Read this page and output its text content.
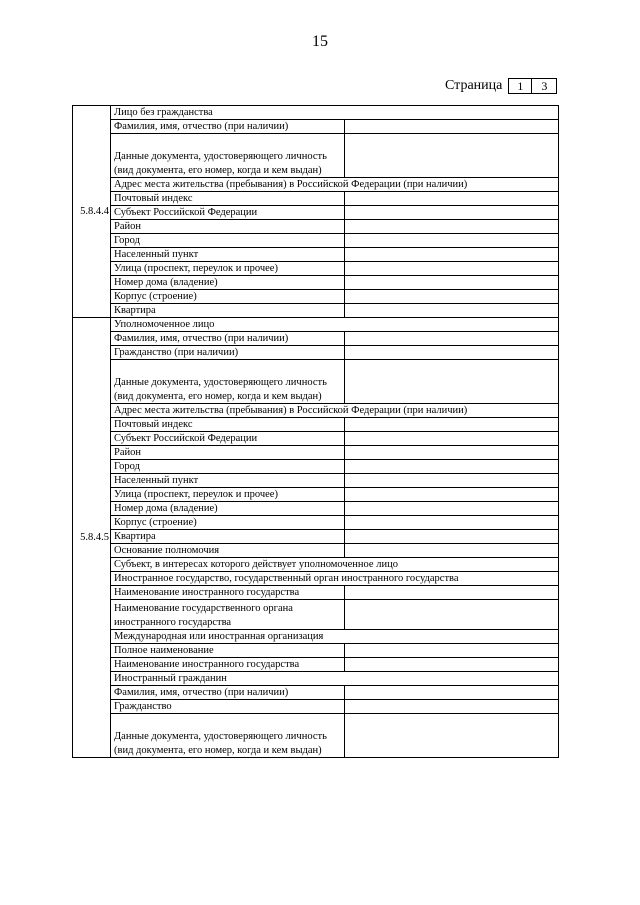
15
Страница	1	3
5.8.4.4	Лицо без гражданства	
	Фамилия, имя, отчество (при наличии)	
	Данные документа, удостоверяющего личность (вид документа, его номер, когда и кем выдан)	
	Адрес места жительства (пребывания) в Российской Федерации (при наличии)	
	Почтовый индекс	
	Субъект Российской Федерации	
	Район	
	Город	
	Населенный пункт	
	Улица (проспект, переулок и прочее)	
	Номер дома (владение)	
	Корпус (строение)	
	Квартира	
5.8.4.5	Уполномоченное лицо	
	Фамилия, имя, отчество (при наличии)	
	Гражданство (при наличии)	
	Данные документа, удостоверяющего личность (вид документа, его номер, когда и кем выдан)	
	Адрес места жительства (пребывания) в Российской Федерации (при наличии)	
	Почтовый индекс	
	Субъект Российской Федерации	
	Район	
	Город	
	Населенный пункт	
	Улица (проспект, переулок и прочее)	
	Номер дома (владение)	
	Корпус (строение)	
	Квартира	
	Основание полномочия	
	Субъект, в интересах которого действует уполномоченное лицо	
	Иностранное государство, государственный орган иностранного государства	
	Наименование иностранного государства	
	Наименование государственного органа иностранного государства	
	Международная или иностранная организация	
	Полное наименование	
	Наименование иностранного государства	
	Иностранный гражданин	
	Фамилия, имя, отчество (при наличии)	
	Гражданство	
	Данные документа, удостоверяющего личность (вид документа, его номер, когда и кем выдан)	
